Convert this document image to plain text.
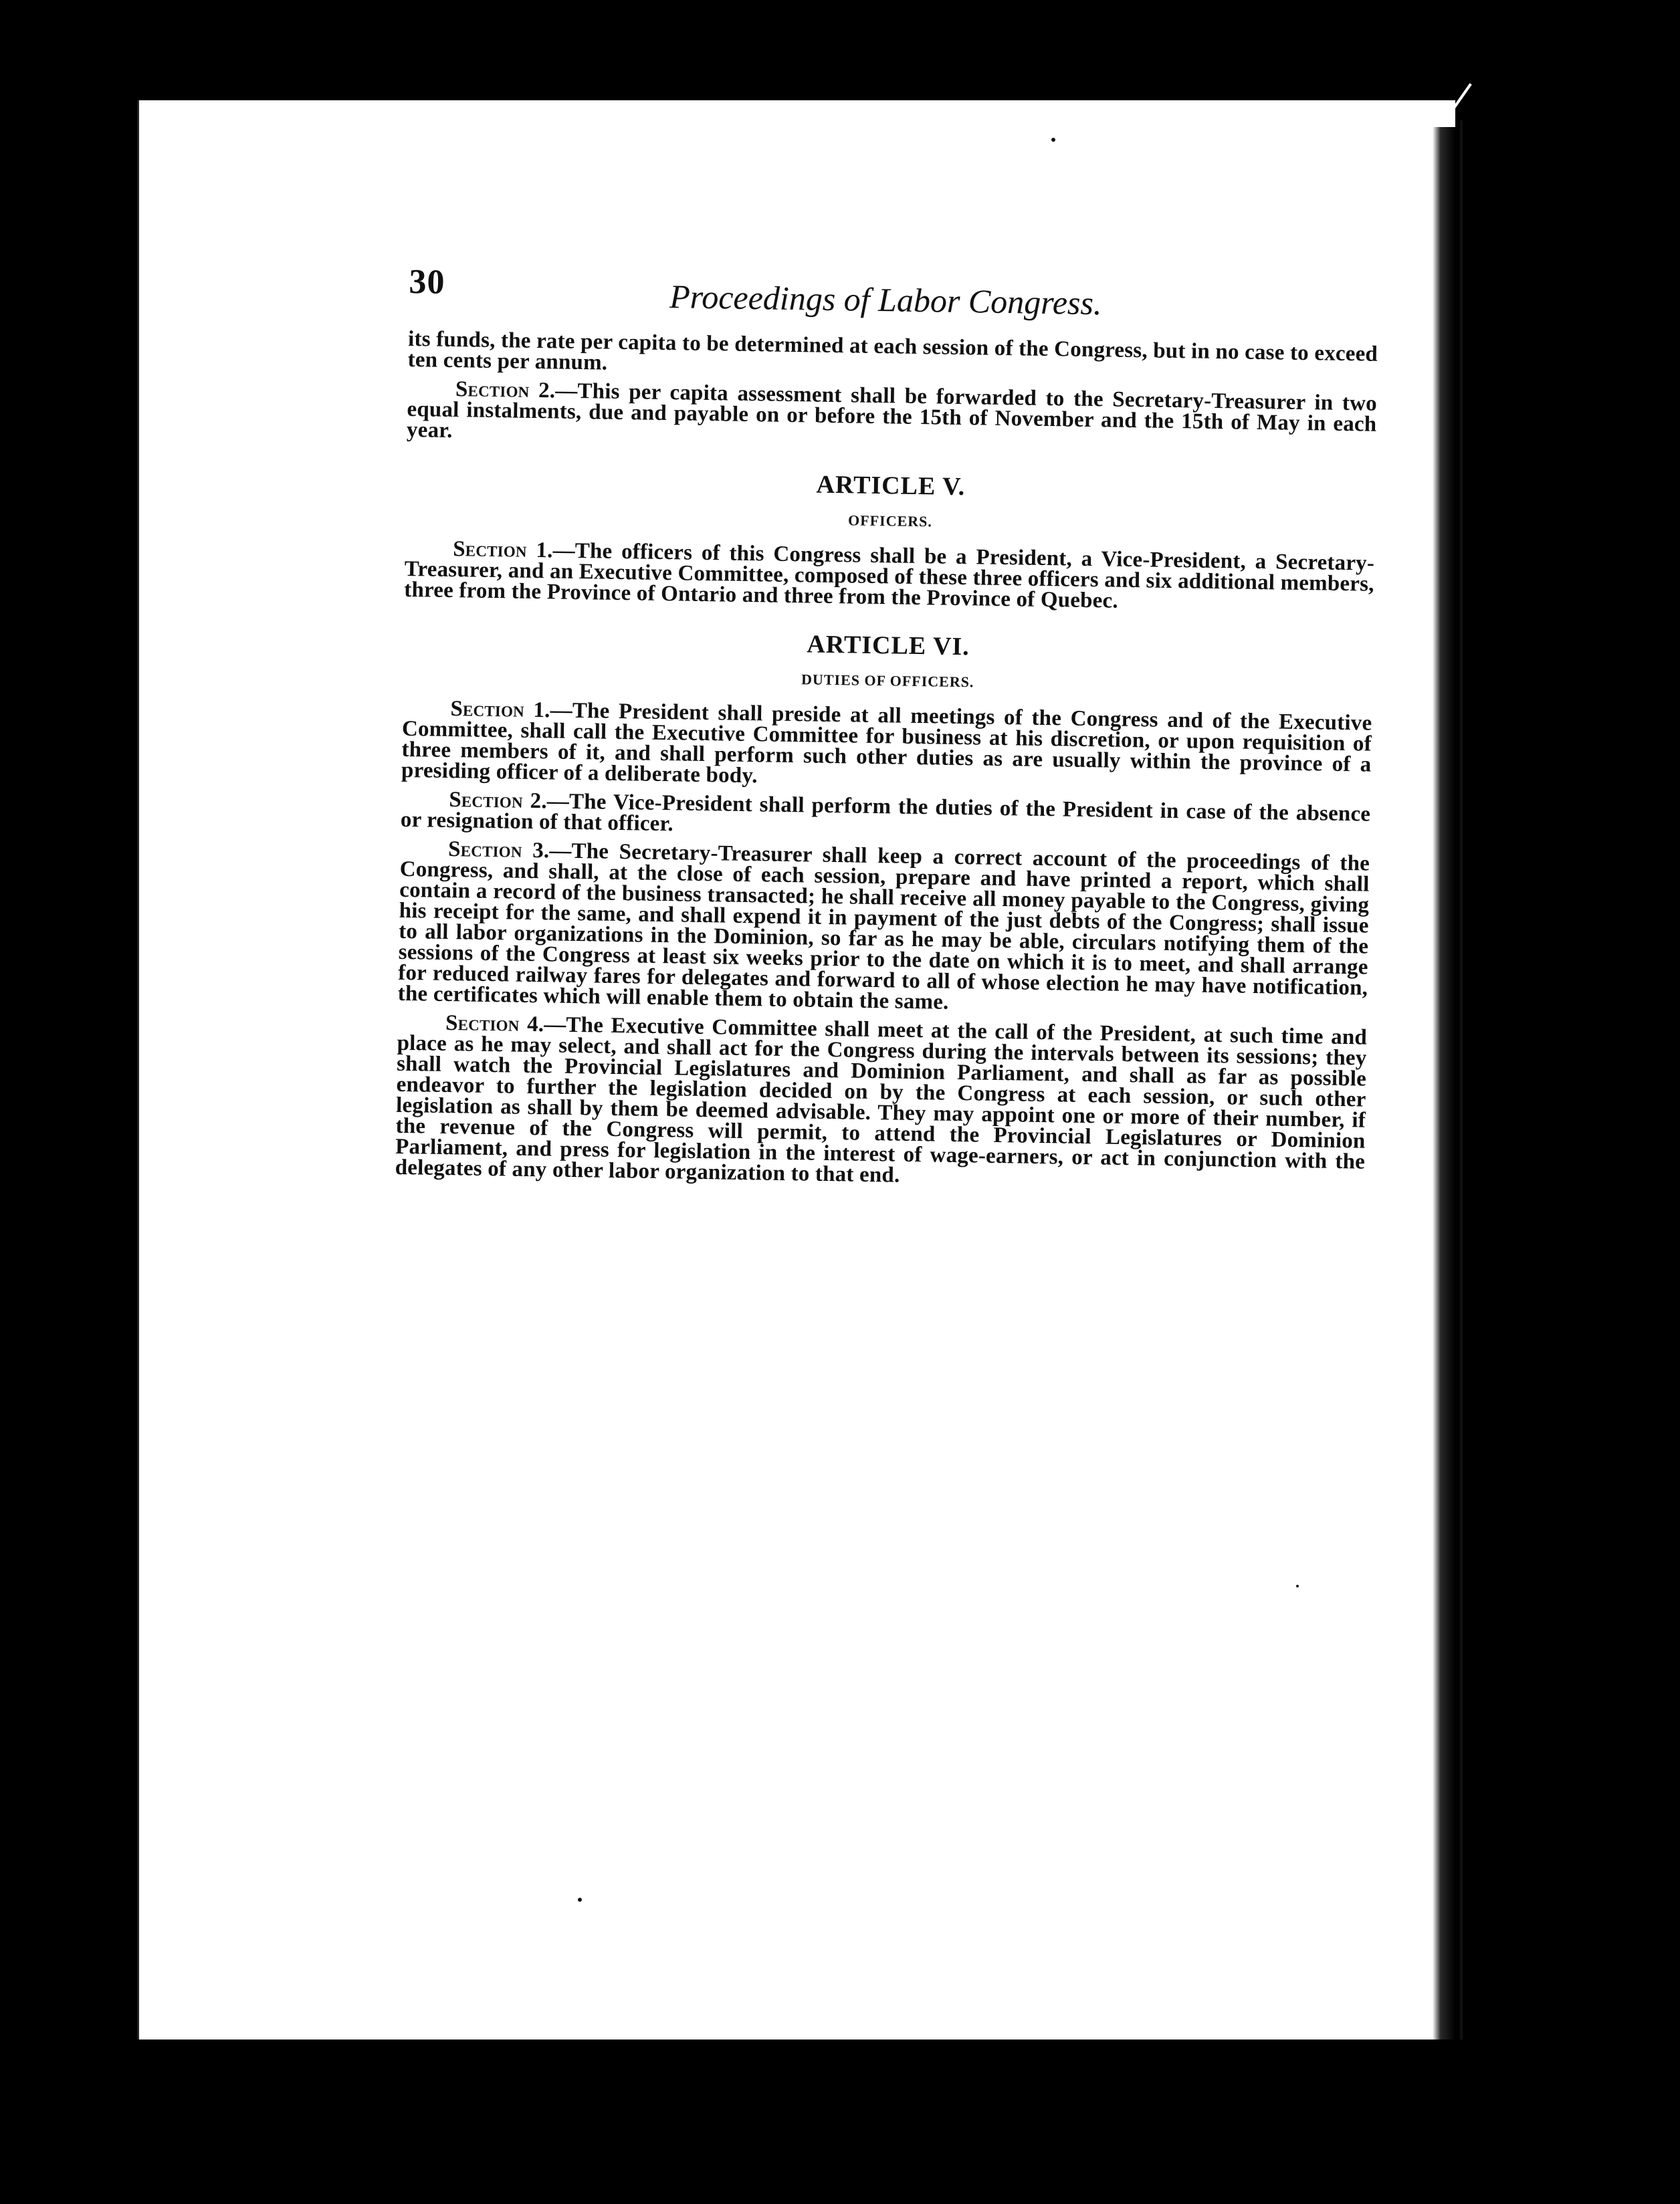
30	Proceedings of Labor Congress.

its funds, the rate per capita to be determined at each session of the Congress, but in no case to exceed ten cents per annum.

Section 2.—This per capita assessment shall be forwarded to the Secretary-Treasurer in two equal instalments, due and payable on or before the 15th of November and the 15th of May in each year.

ARTICLE V.
OFFICERS.

Section 1.—The officers of this Congress shall be a President, a Vice-President, a Secretary-Treasurer, and an Executive Committee, composed of these three officers and six additional members, three from the Province of Ontario and three from the Province of Quebec.

ARTICLE VI.
DUTIES OF OFFICERS.

Section 1.—The President shall preside at all meetings of the Congress and of the Executive Committee, shall call the Executive Committee for business at his discretion, or upon requisition of three members of it, and shall perform such other duties as are usually within the province of a presiding officer of a deliberate body.

Section 2.—The Vice-President shall perform the duties of the President in case of the absence or resignation of that officer.

Section 3.—The Secretary-Treasurer shall keep a correct account of the proceedings of the Congress, and shall, at the close of each session, prepare and have printed a report, which shall contain a record of the business transacted; he shall receive all money payable to the Congress, giving his receipt for the same, and shall expend it in payment of the just debts of the Congress; shall issue to all labor organizations in the Dominion, so far as he may be able, circulars notifying them of the sessions of the Congress at least six weeks prior to the date on which it is to meet, and shall arrange for reduced railway fares for delegates and forward to all of whose election he may have notification, the certificates which will enable them to obtain the same.

Section 4.—The Executive Committee shall meet at the call of the President, at such time and place as he may select, and shall act for the Congress during the intervals between its sessions; they shall watch the Provincial Legislatures and Dominion Parliament, and shall as far as possible endeavor to further the legislation decided on by the Congress at each session, or such other legislation as shall by them be deemed advisable. They may appoint one or more of their number, if the revenue of the Congress will permit, to attend the Provincial Legislatures or Dominion Parliament, and press for legislation in the interest of wage-earners, or act in conjunction with the delegates of any other labor organization to that end.
